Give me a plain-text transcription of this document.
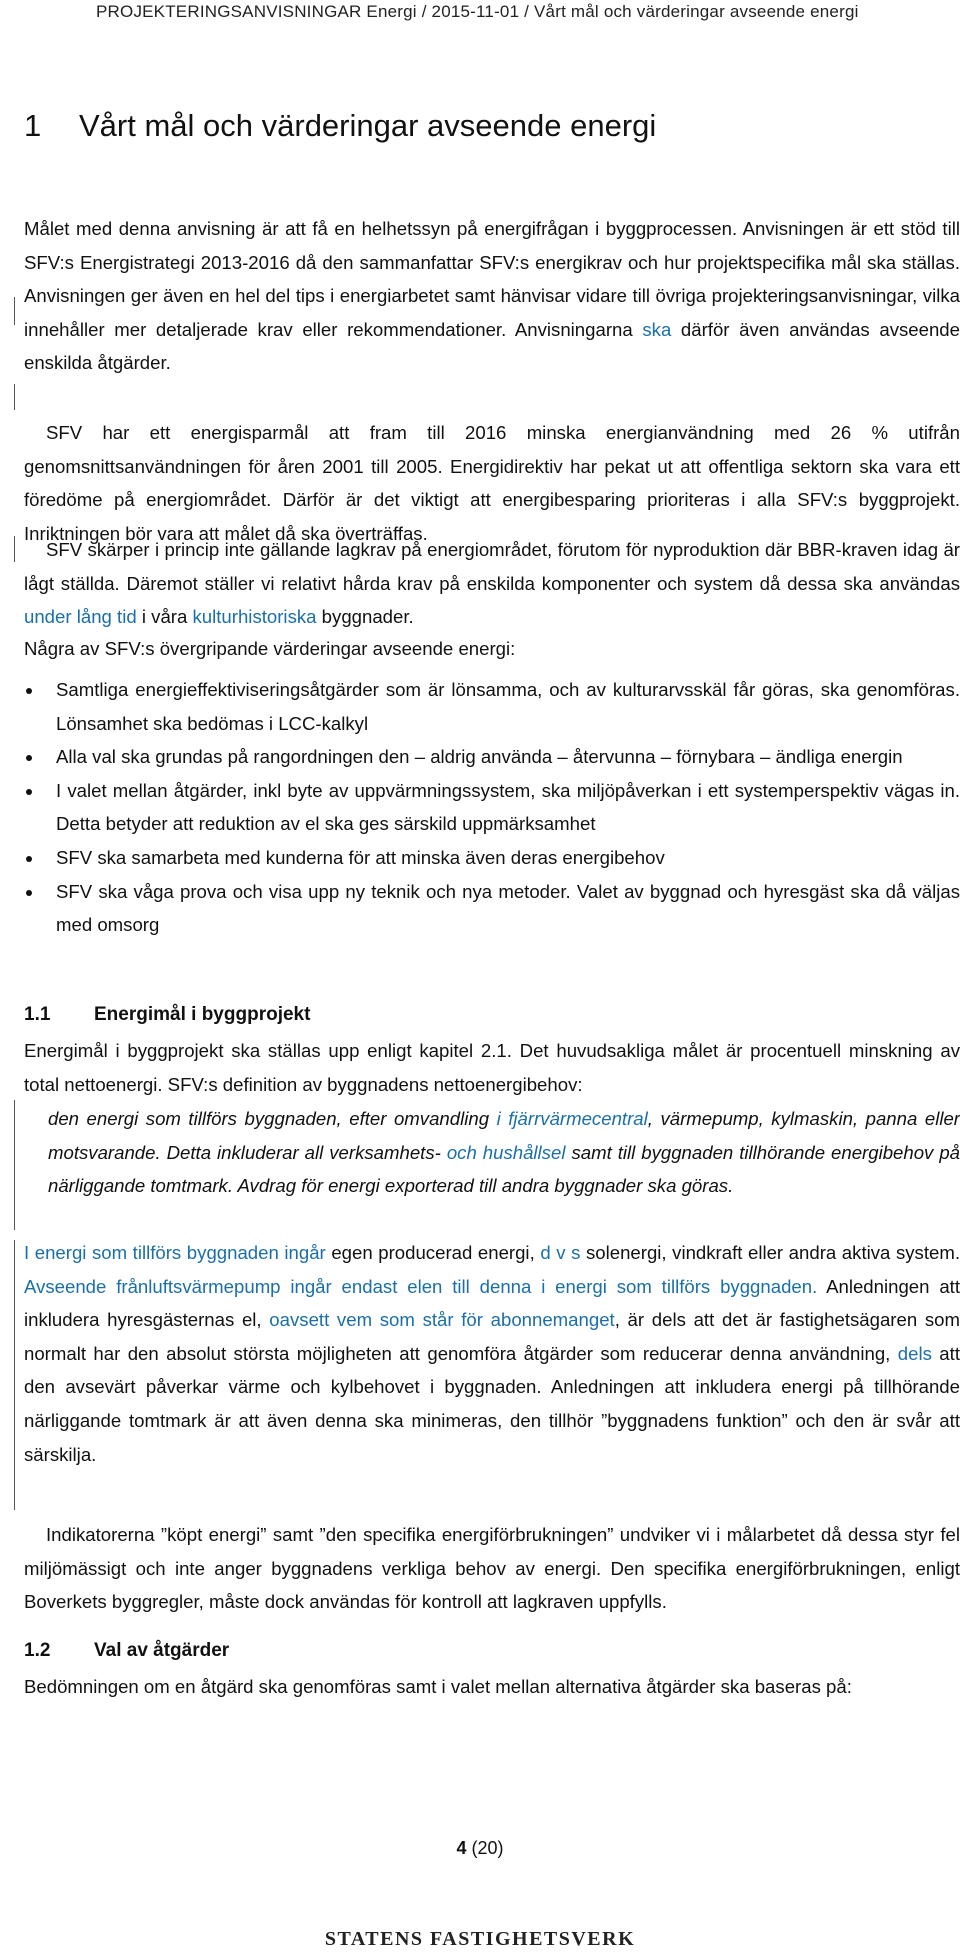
PROJEKTERINGSANVISNINGAR Energi / 2015-11-01 / Vårt mål och värderingar avseende energi
1 Vårt mål och värderingar avseende energi

Målet med denna anvisning är att få en helhetssyn på energifrågan i byggprocessen. Anvisningen är ett stöd till SFV:s Energistrategi 2013-2016 då den sammanfattar SFV:s energikrav och hur projektspecifika mål ska ställas. Anvisningen ger även en hel del tips i energiarbetet samt hänvisar vidare till övriga projekteringsanvisningar, vilka innehåller mer detaljerade krav eller rekommendationer. Anvisningarna ska därför även användas avseende enskilda åtgärder.

SFV har ett energisparmål att fram till 2016 minska energianvändning med 26 % utifrån genomsnittsanvändningen för åren 2001 till 2005. Energidirektiv har pekat ut att offentliga sektorn ska vara ett föredöme på energiområdet. Därför är det viktigt att energibesparing prioriteras i alla SFV:s byggprojekt. Inriktningen bör vara att målet då ska överträffas.

SFV skärper i princip inte gällande lagkrav på energiområdet, förutom för nyproduktion där BBR-kraven idag är lågt ställda. Däremot ställer vi relativt hårda krav på enskilda komponenter och system då dessa ska användas under lång tid i våra kulturhistoriska byggnader.

Några av SFV:s övergripande värderingar avseende energi:

Samtliga energieffektiviseringsåtgärder som är lönsamma, och av kulturarvsskäl får göras, ska genomföras. Lönsamhet ska bedömas i LCC-kalkyl
Alla val ska grundas på rangordningen den – aldrig använda – återvunna – förnybara – ändliga energin
I valet mellan åtgärder, inkl byte av uppvärmningssystem, ska miljöpåverkan i ett systemperspektiv vägas in. Detta betyder att reduktion av el ska ges särskild uppmärksamhet
SFV ska samarbeta med kunderna för att minska även deras energibehov
SFV ska våga prova och visa upp ny teknik och nya metoder. Valet av byggnad och hyresgäst ska då väljas med omsorg
1.1 Energimål i byggprojekt

Energimål i byggprojekt ska ställas upp enligt kapitel 2.1. Det huvudsakliga målet är procentuell minskning av total nettoenergi. SFV:s definition av byggnadens nettoenergibehov:

den energi som tillförs byggnaden, efter omvandling i fjärrvärmecentral, värmepump, kylmaskin, panna eller motsvarande. Detta inkluderar all verksamhets- och hushållsel samt till byggnaden tillhörande energibehov på närliggande tomtmark. Avdrag för energi exporterad till andra byggnader ska göras.

I energi som tillförs byggnaden ingår egen producerad energi, d v s solenergi, vindkraft eller andra aktiva system. Avseende frånluftsvärmepump ingår endast elen till denna i energi som tillförs byggnaden. Anledningen att inkludera hyresgästernas el, oavsett vem som står för abonnemanget, är dels att det är fastighetsägaren som normalt har den absolut största möjligheten att genomföra åtgärder som reducerar denna användning, dels att den avsevärt påverkar värme och kylbehovet i byggnaden. Anledningen att inkludera energi på tillhörande närliggande tomtmark är att även denna ska minimeras, den tillhör ”byggnadens funktion” och den är svår att särskilja.

Indikatorerna ”köpt energi” samt ”den specifika energiförbrukningen” undviker vi i målarbetet då dessa styr fel miljömässigt och inte anger byggnadens verkliga behov av energi. Den specifika energiförbrukningen, enligt Boverkets byggregler, måste dock användas för kontroll att lagkraven uppfylls.

1.2 Val av åtgärder

Bedömningen om en åtgärd ska genomföras samt i valet mellan alternativa åtgärder ska baseras på:

4 (20)
STATENS FASTIGHETSVERK
